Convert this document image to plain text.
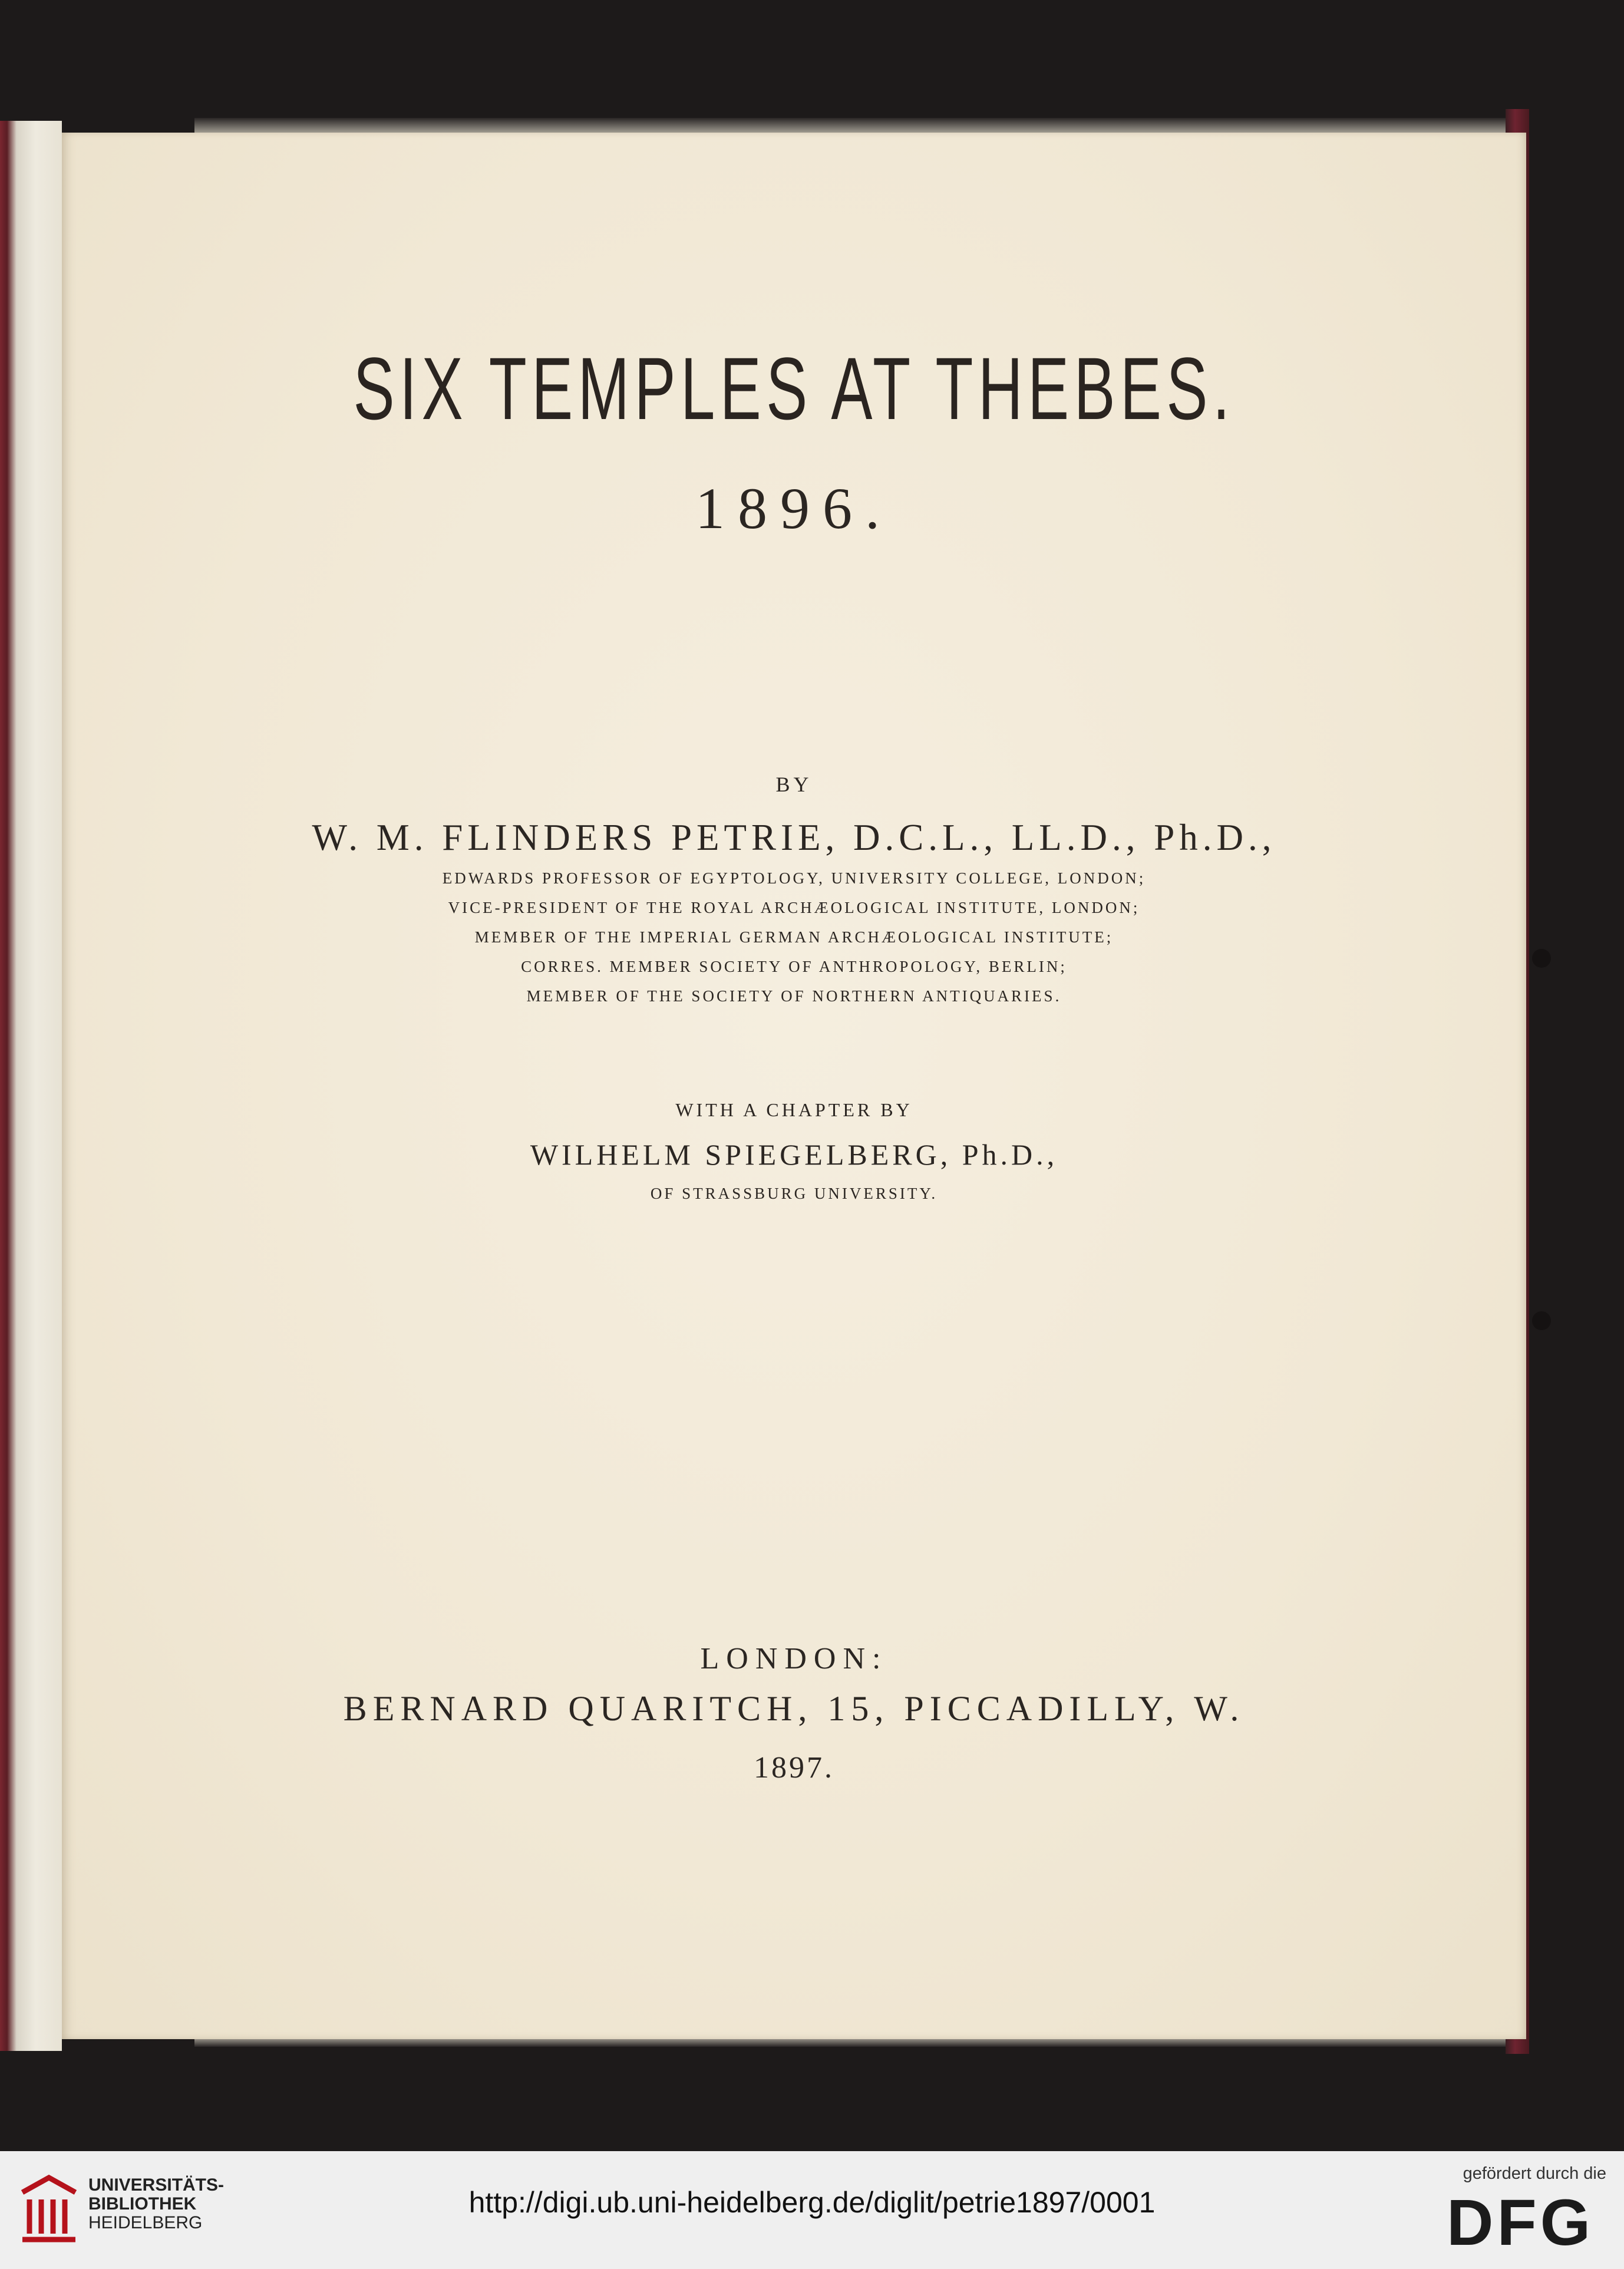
SIX TEMPLES AT THEBES.
1896.
BY
W. M. FLINDERS PETRIE, D.C.L., LL.D., Ph.D.,
EDWARDS PROFESSOR OF EGYPTOLOGY, UNIVERSITY COLLEGE, LONDON;
VICE-PRESIDENT OF THE ROYAL ARCHÆOLOGICAL INSTITUTE, LONDON;
MEMBER OF THE IMPERIAL GERMAN ARCHÆOLOGICAL INSTITUTE;
CORRES. MEMBER SOCIETY OF ANTHROPOLOGY, BERLIN;
MEMBER OF THE SOCIETY OF NORTHERN ANTIQUARIES.
WITH A CHAPTER BY
WILHELM SPIEGELBERG, Ph.D.,
OF STRASSBURG UNIVERSITY.
LONDON:
BERNARD QUARITCH, 15, PICCADILLY, W.
1897.
UNIVERSITÄTS-
BIBLIOTHEK
HEIDELBERG
http://digi.ub.uni-heidelberg.de/diglit/petrie1897/0001
gefördert durch die
DFG
